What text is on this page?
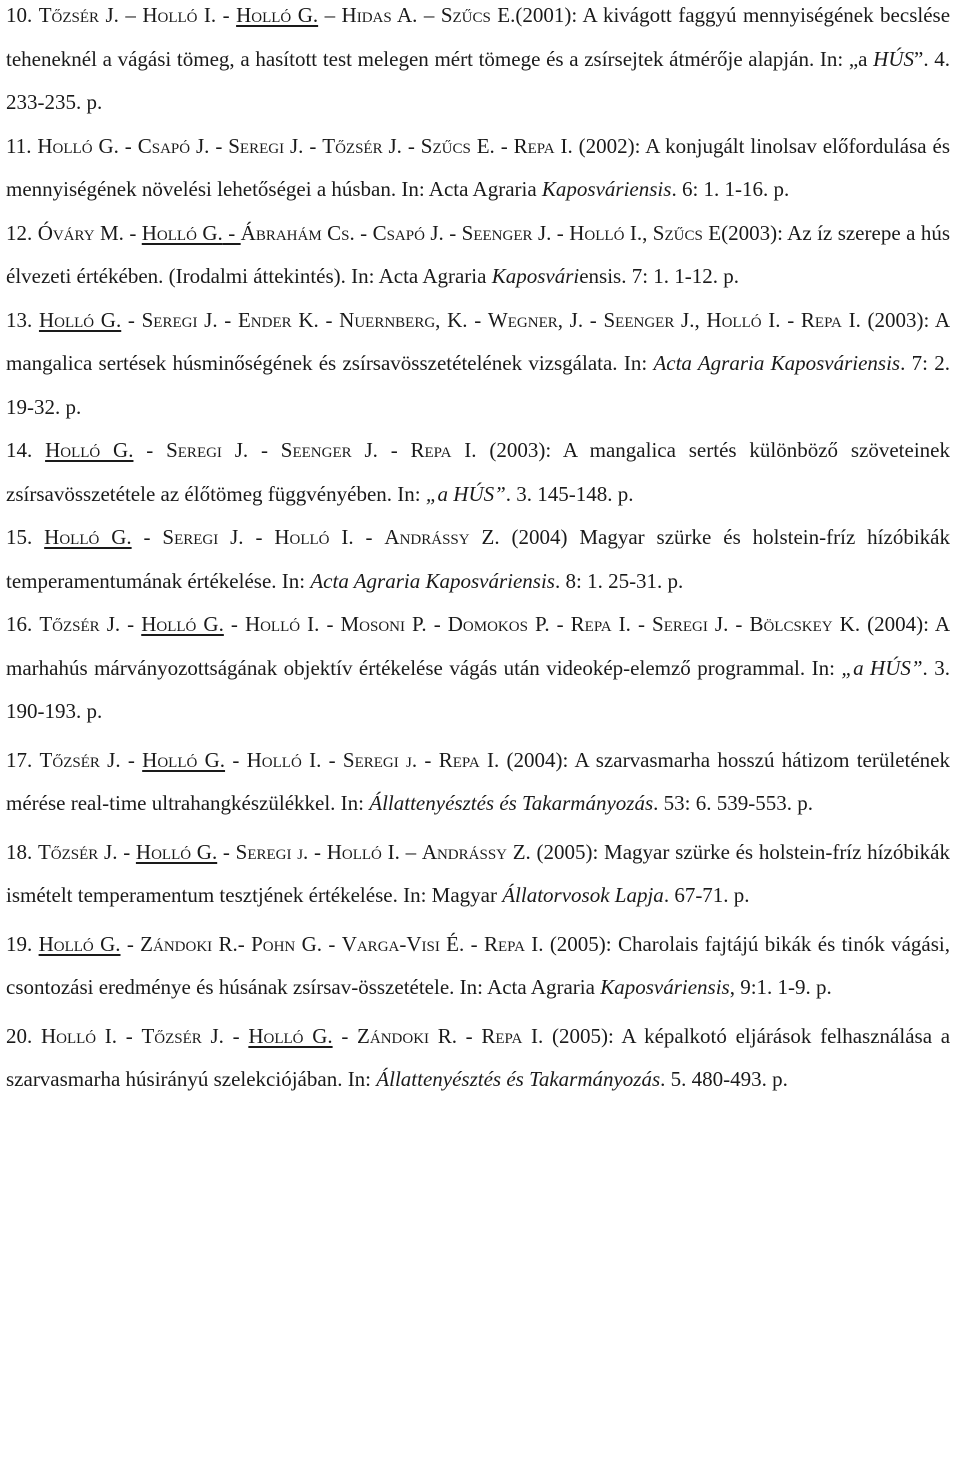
10. Tőzsér J. – Holló I. - Holló G. – Hidas A. – Szűcs E.(2001): A kivágott faggyú mennyiségének becslése teheneknél a vágási tömeg, a hasított test melegen mért tömege és a zsírsejtek átmérője alapján. In: „a HÚS”. 4. 233-235. p.

11. Holló G. - Csapó J. - Seregi J. - Tőzsér J. - Szűcs E. - Repa I. (2002): A konjugált linolsav előfordulása és mennyiségének növelési lehetőségei a húsban. In: Acta Agraria Kaposváriensis. 6: 1. 1-16. p.

12. Óváry M. - Holló G. - Ábrahám Cs. - Csapó J. - Seenger J. - Holló I., Szűcs E(2003): Az íz szerepe a hús élvezeti értékében. (Irodalmi áttekintés). In: Acta Agraria Kaposváriensis. 7: 1. 1-12. p.

13. Holló G. - Seregi J. - Ender K. - Nuernberg, K. - Wegner, J. - Seenger J., Holló I. - Repa I. (2003): A mangalica sertések húsminőségének és zsírsavösszetételének vizsgálata. In: Acta Agraria Kaposváriensis. 7: 2. 19-32. p.

14. Holló G. - Seregi J. - Seenger J. - Repa I. (2003): A mangalica sertés különböző szöveteinek zsírsavösszetétele az élőtömeg függvényében. In: „a HÚS”. 3. 145-148. p.

15. Holló G. - Seregi J. - Holló I. - Andrássy Z. (2004) Magyar szürke és holstein-fríz hízóbikák temperamentumának értékelése. In: Acta Agraria Kaposváriensis. 8: 1. 25-31. p.

16. Tőzsér J. - Holló G. - Holló I. - Mosoni P. - Domokos P. - Repa I. - Seregi J. - Bölcskey K. (2004): A marhahús márványozottságának objektív értékelése vágás után videokép-elemző programmal. In: „a HÚS”. 3. 190-193. p.

17. Tőzsér J. - Holló G. - Holló I. - Seregi j. - Repa I. (2004): A szarvasmarha hosszú hátizom területének mérése real-time ultrahangkészülékkel. In: Állattenyésztés és Takarmányozás. 53: 6. 539-553. p.

18. Tőzsér J. - Holló G. - Seregi j. - Holló I. – Andrássy Z. (2005): Magyar szürke és holstein-fríz hízóbikák ismételt temperamentum tesztjének értékelése. In: Magyar Állatorvosok Lapja. 67-71. p.

19. Holló G. - Zándoki R.- Pohn G. - Varga-Visi É. - Repa I. (2005): Charolais fajtájú bikák és tinók vágási, csontozási eredménye és húsának zsírsav-összetétele. In: Acta Agraria Kaposváriensis, 9:1. 1-9. p.

20. Holló I. - Tőzsér J. - Holló G. - Zándoki R. - Repa I. (2005): A képalkotó eljárások felhasználása a szarvasmarha húsirányú szelekciójában. In: Állattenyésztés és Takarmányozás. 5. 480-493. p.
